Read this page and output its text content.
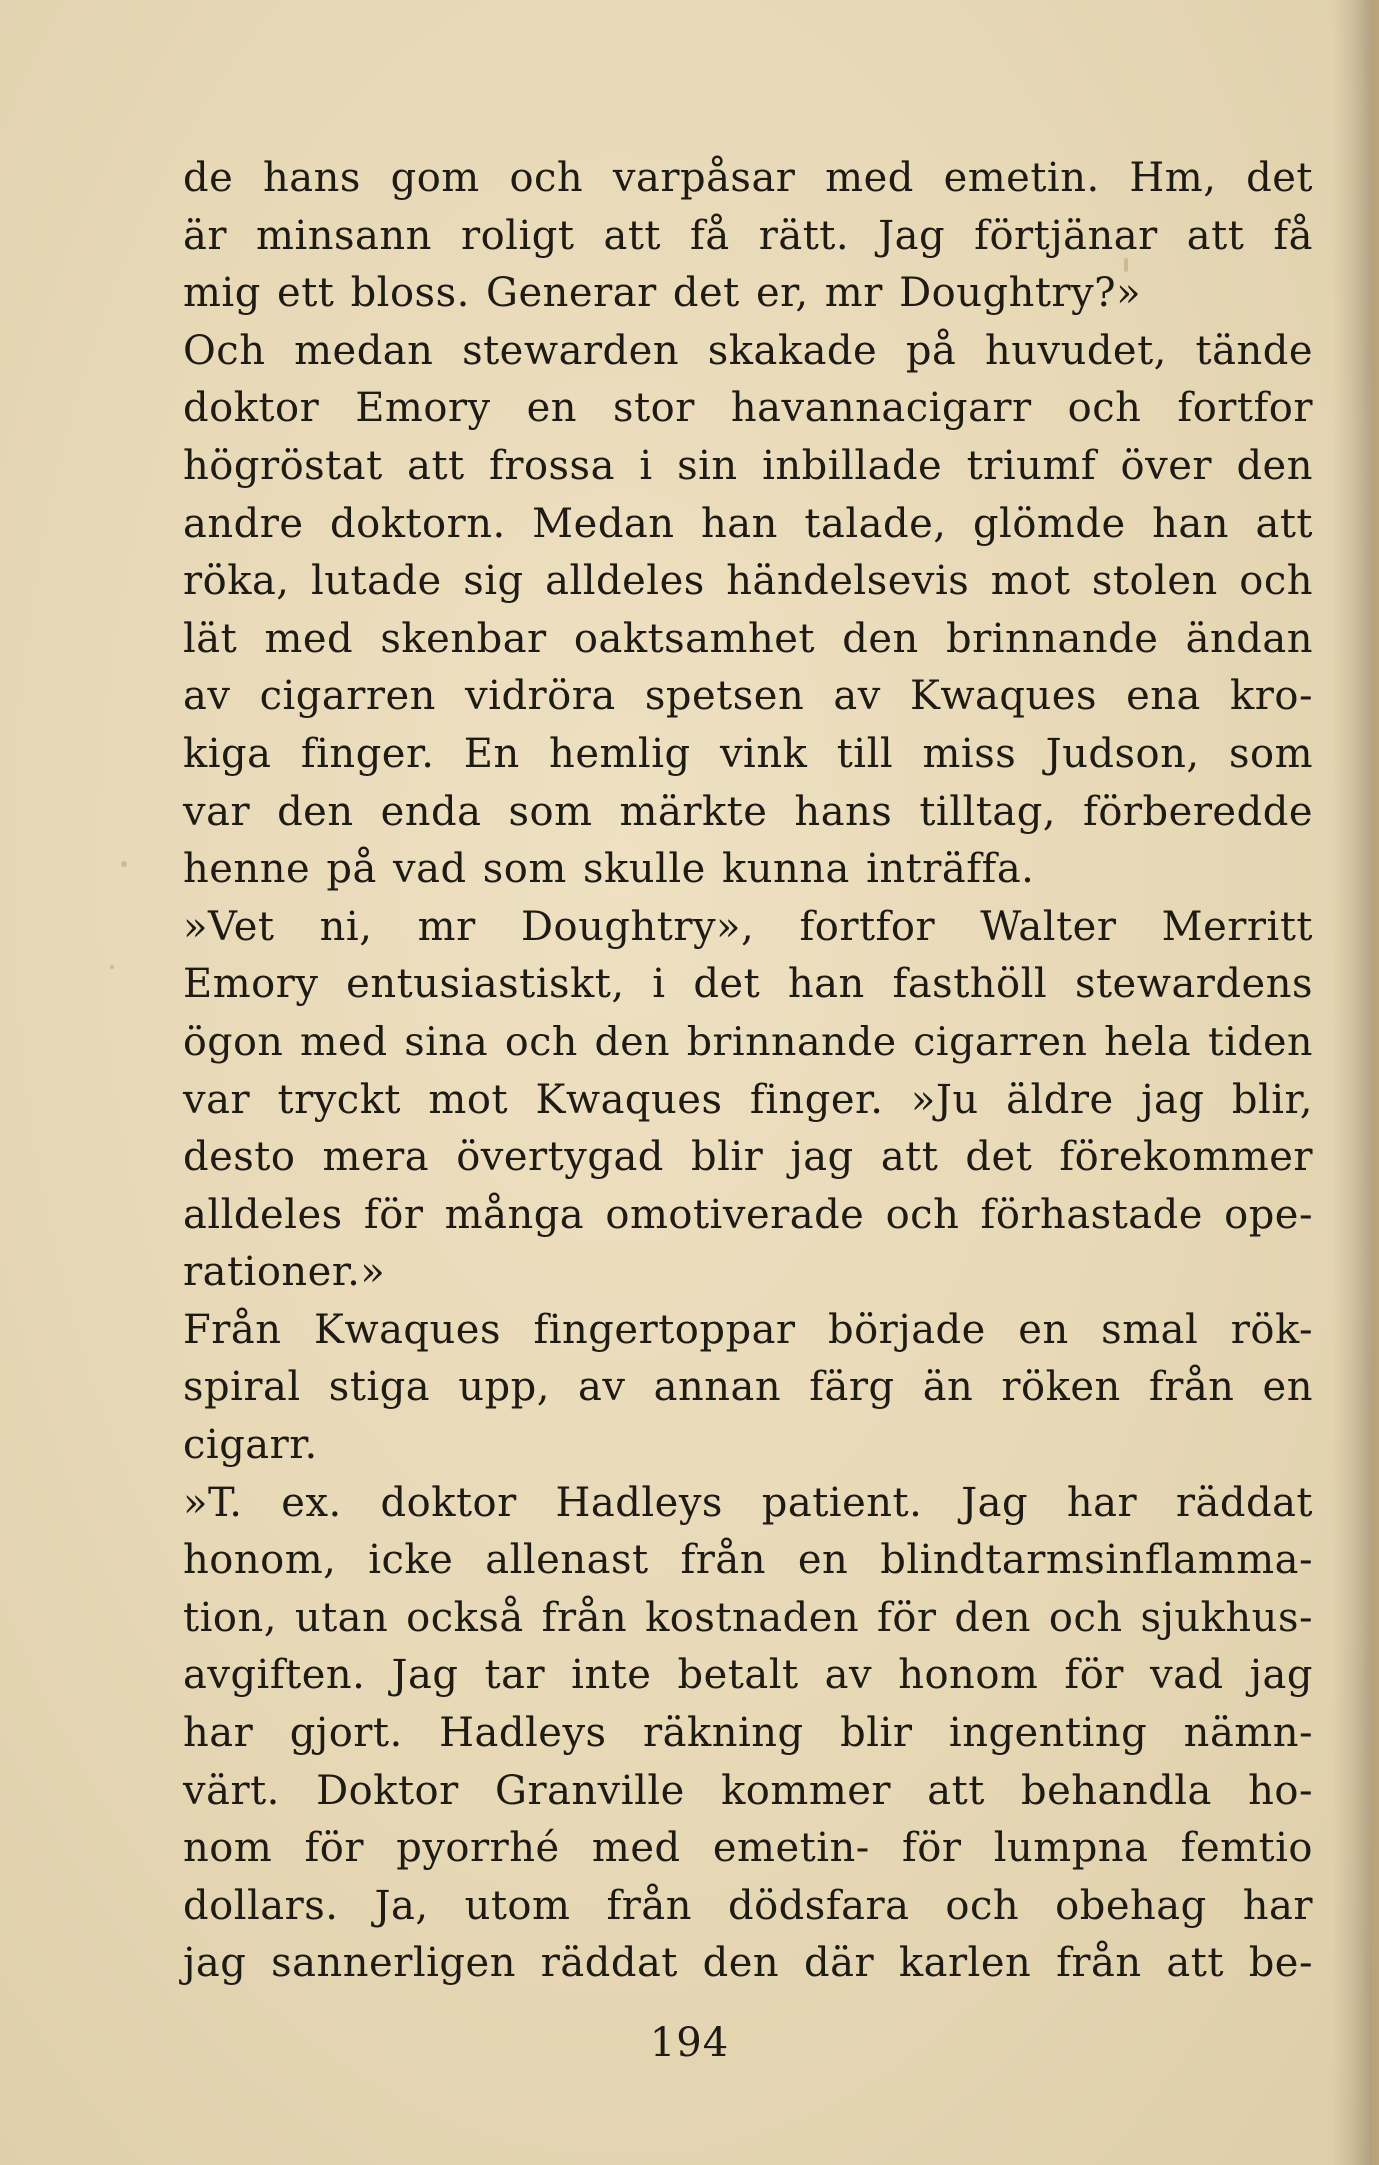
de hans gom och varpåsar med emetin. Hm, det
är minsann roligt att få rätt. Jag förtjänar att få
mig ett bloss. Generar det er, mr Doughtry?»
Och medan stewarden skakade på huvudet, tände
doktor Emory en stor havannacigarr och fortfor
högröstat att frossa i sin inbillade triumf över den
andre doktorn. Medan han talade, glömde han att
röka, lutade sig alldeles händelsevis mot stolen och
lät med skenbar oaktsamhet den brinnande ändan
av cigarren vidröra spetsen av Kwaques ena kro-
kiga finger. En hemlig vink till miss Judson, som
var den enda som märkte hans tilltag, förberedde
henne på vad som skulle kunna inträffa.
»Vet ni, mr Doughtry», fortfor Walter Merritt
Emory entusiastiskt, i det han fasthöll stewardens
ögon med sina och den brinnande cigarren hela tiden
var tryckt mot Kwaques finger. »Ju äldre jag blir,
desto mera övertygad blir jag att det förekommer
alldeles för många omotiverade och förhastade ope-
rationer.»
Från Kwaques fingertoppar började en smal rök-
spiral stiga upp, av annan färg än röken från en
cigarr.
»T. ex. doktor Hadleys patient. Jag har räddat
honom, icke allenast från en blindtarmsinflamma-
tion, utan också från kostnaden för den och sjukhus-
avgiften. Jag tar inte betalt av honom för vad jag
har gjort. Hadleys räkning blir ingenting nämn-
värt. Doktor Granville kommer att behandla ho-
nom för pyorrhé med emetin- för lumpna femtio
dollars. Ja, utom från dödsfara och obehag har
jag sannerligen räddat den där karlen från att be-
194
